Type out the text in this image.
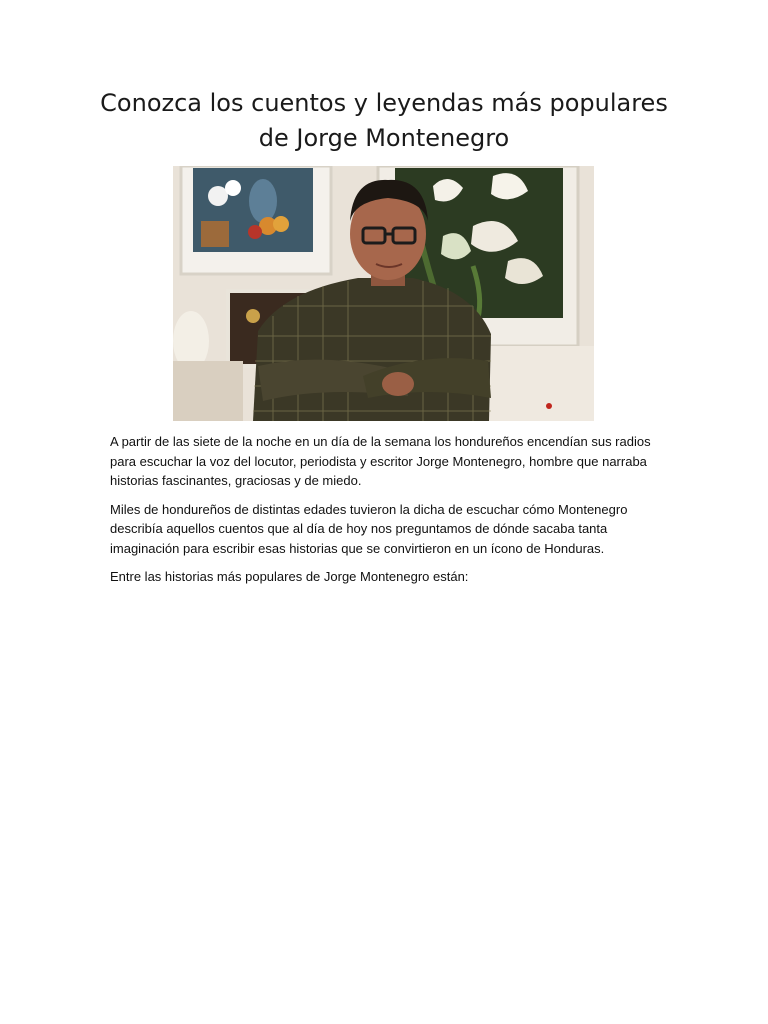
Conozca los cuentos y leyendas más populares
de Jorge Montenegro

A partir de las siete de la noche en un día de la semana los hondureños encendían sus radios para escuchar la voz del locutor, periodista y escritor Jorge Montenegro, hombre que narraba historias fascinantes, graciosas y de miedo.

Miles de hondureños de distintas edades tuvieron la dicha de escuchar cómo Montenegro describía aquellos cuentos que al día de hoy nos preguntamos de dónde sacaba tanta imaginación para escribir esas historias que se convirtieron en un ícono de Honduras.

Entre las historias más populares de Jorge Montenegro están:
